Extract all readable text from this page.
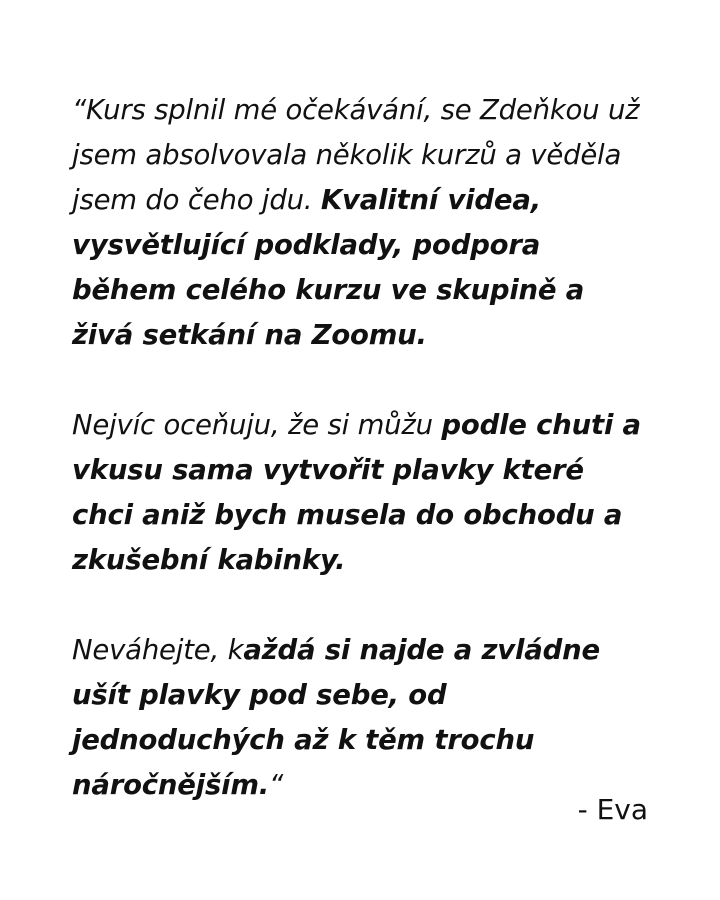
“Kurs splnil mé očekávání, se Zdeňkou už jsem absolvovala několik kurzů a věděla jsem do čeho jdu. Kvalitní videa, vysvětlující podklady, podpora během celého kurzu ve skupině a živá setkání na Zoomu.

Nejvíc oceňuju, že si můžu podle chuti a vkusu sama vytvořit plavky které chci aniž bych musela do obchodu a zkušební kabinky.

Neváhejte, každá si najde a zvládne ušít plavky pod sebe, od jednoduchých až k těm trochu náročnějším.“

- Eva
